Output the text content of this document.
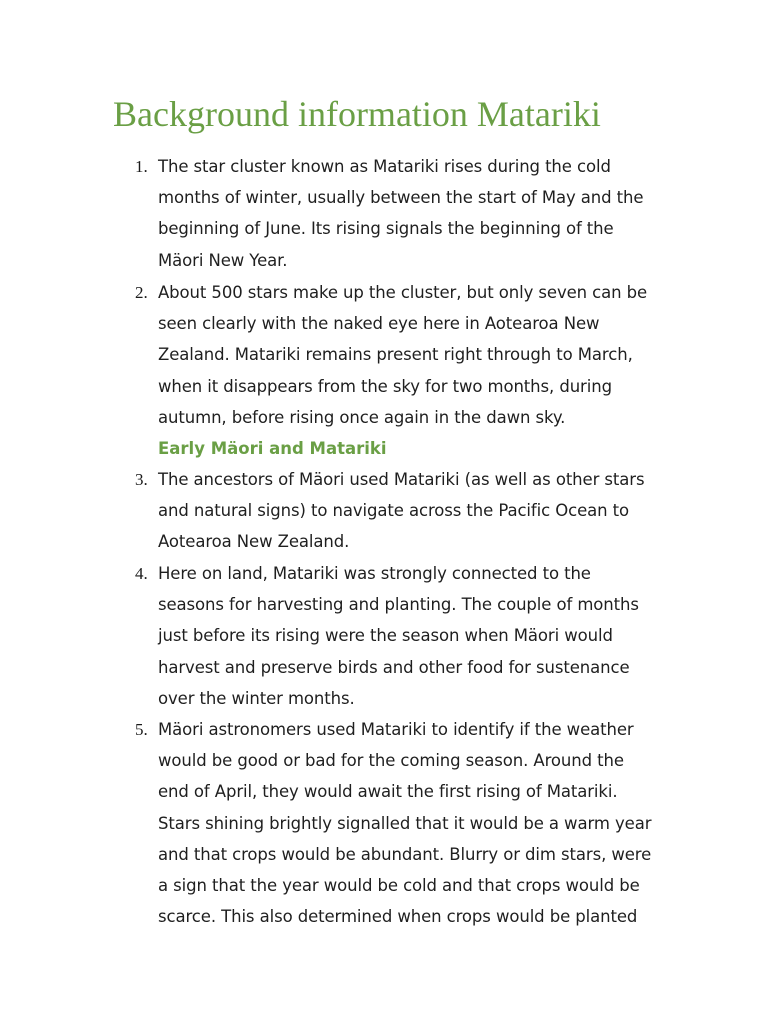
Background information Matariki
1. The star cluster known as Matariki rises during the cold
months of winter, usually between the start of May and the
beginning of June. Its rising signals the beginning of the
Mäori New Year.

2. About 500 stars make up the cluster, but only seven can be
seen clearly with the naked eye here in Aotearoa New
Zealand. Matariki remains present right through to March,
when it disappears from the sky for two months, during
autumn, before rising once again in the dawn sky.

Early Mäori and Matariki
3. The ancestors of Mäori used Matariki (as well as other stars
and natural signs) to navigate across the Pacific Ocean to
Aotearoa New Zealand.

4. Here on land, Matariki was strongly connected to the
seasons for harvesting and planting. The couple of months
just before its rising were the season when Mäori would
harvest and preserve birds and other food for sustenance
over the winter months.

5. Mäori astronomers used Matariki to identify if the weather
would be good or bad for the coming season. Around the
end of April, they would await the first rising of Matariki.
Stars shining brightly signalled that it would be a warm year
and that crops would be abundant. Blurry or dim stars, were
a sign that the year would be cold and that crops would be
scarce. This also determined when crops would be planted
